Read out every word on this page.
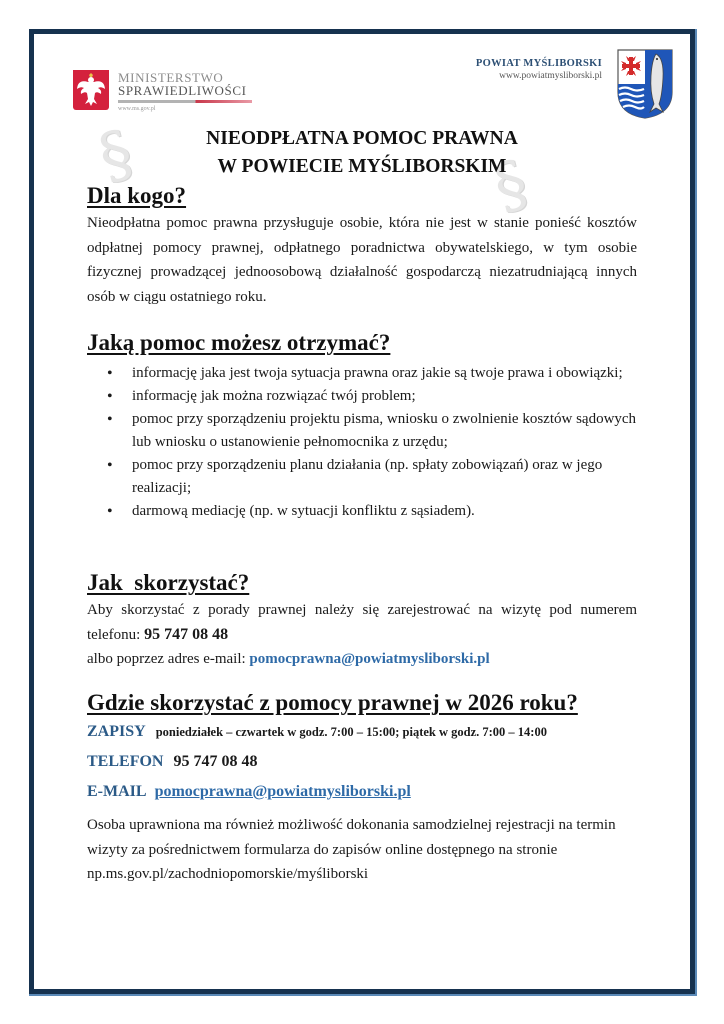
§	§
MINISTERSTWO
SPRAWIEDLIWOŚCI
www.ms.gov.pl
POWIAT MYŚLIBORSKI
www.powiatmysliborski.pl
NIEODPŁATNA POMOC PRAWNA
W POWIECIE MYŚLIBORSKIM
Dla kogo?

Nieodpłatna pomoc prawna przysługuje osobie, która nie jest w stanie ponieść kosztów odpłatnej pomocy prawnej, odpłatnego poradnictwa obywatelskiego, w tym osobie fizycznej prowadzącej jednoosobową działalność gospodarczą niezatrudniającą innych osób w ciągu ostatniego roku.

Jaką pomoc możesz otrzymać?
• informację jaka jest twoja sytuacja prawna oraz jakie są twoje prawa i obowiązki;
• informację jak można rozwiązać twój problem;
• pomoc przy sporządzeniu projektu pisma, wniosku o zwolnienie kosztów sądowych lub wniosku o ustanowienie pełnomocnika z urzędu;
• pomoc przy sporządzeniu planu działania (np. spłaty zobowiązań) oraz w jego realizacji;
• darmową mediację (np. w sytuacji konfliktu z sąsiadem).
Jak  skorzystać?

Aby skorzystać z porady prawnej należy się zarejestrować na wizytę pod numerem telefonu: 95 747 08 48
albo poprzez adres e-mail: pomocprawna@powiatmysliborski.pl

Gdzie skorzystać z pomocy prawnej w 2026 roku?
ZAPISY poniedziałek – czwartek w godz. 7:00 – 15:00; piątek w godz. 7:00 – 14:00
TELEFON 95 747 08 48
E-MAIL pomocprawna@powiatmysliborski.pl

Osoba uprawniona ma również możliwość dokonania samodzielnej rejestracji na termin wizyty za pośrednictwem formularza do zapisów online dostępnego na stronie np.ms.gov.pl/zachodniopomorskie/myśliborski
